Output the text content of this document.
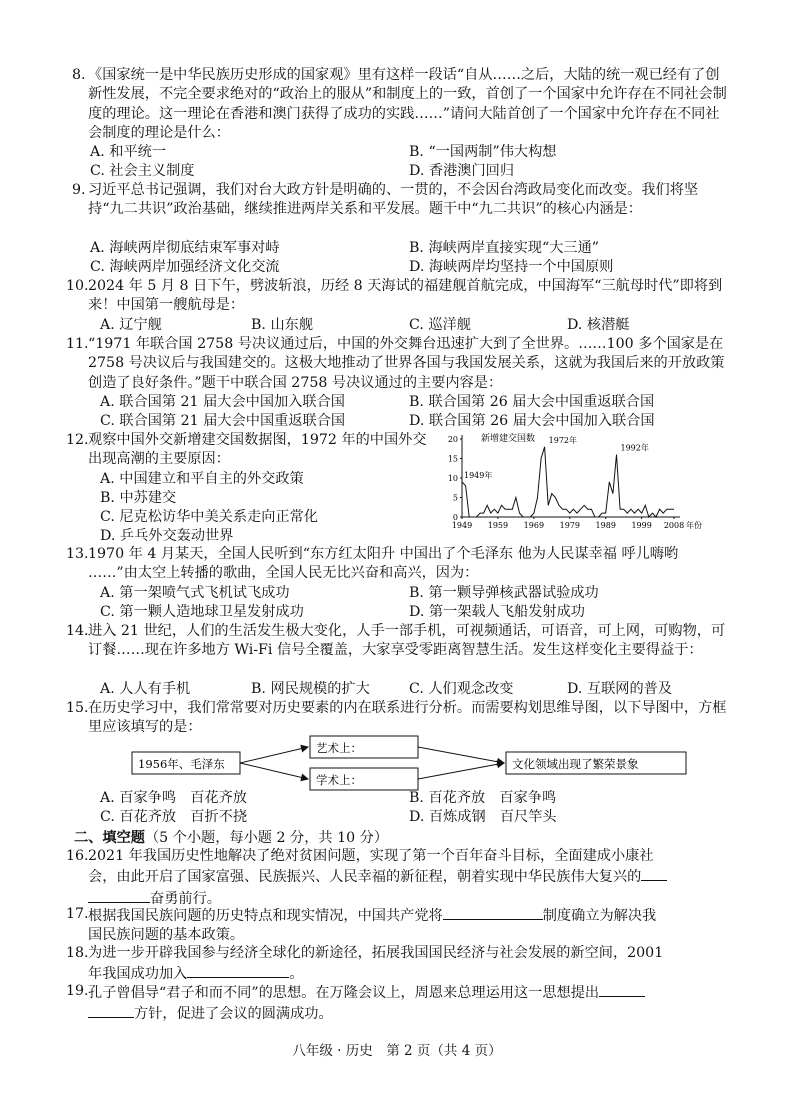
8. 《国家统一是中华民族历史形成的国家观》里有这样一段话“自从……之后，大陆的统一观已经有了创新性发展，不完全要求绝对的“政治上的服从”和制度上的一致，首创了一个国家中允许存在不同社会制度的理论。这一理论在香港和澳门获得了成功的实践……”请问大陆首创了一个国家中允许存在不同社会制度的理论是什么：
A. 和平统一	B. “一国两制”伟大构想
C. 社会主义制度	D. 香港澳门回归
9. 习近平总书记强调，我们对台大政方针是明确的、一贯的，不会因台湾政局变化而改变。我们将坚持“九二共识”政治基础，继续推进两岸关系和平发展。题干中“九二共识”的核心内涵是：
A. 海峡两岸彻底结束军事对峙	B. 海峡两岸直接实现“大三通”
C. 海峡两岸加强经济文化交流	D. 海峡两岸均坚持一个中国原则
10. 2024 年 5 月 8 日下午，劈波斩浪，历经 8 天海试的福建舰首航完成，中国海军“三航母时代”即将到来！中国第一艘航母是：
A. 辽宁舰	B. 山东舰	C. 巡洋舰	D. 核潜艇
11. “1971 年联合国 2758 号决议通过后，中国的外交舞台迅速扩大到了全世界。……100 多个国家是在 2758 号决议后与我国建交的。这极大地推动了世界各国与我国发展关系，这就为我国后来的开放政策创造了良好条件。”题干中联合国 2758 号决议通过的主要内容是：
A. 联合国第 21 届大会中国加入联合国	B. 联合国第 26 届大会中国重返联合国
C. 联合国第 21 届大会中国重返联合国	D. 联合国第 26 届大会中国加入联合国
12. 观察中国外交新增建交国数据图，1972 年的中国外交出现高潮的主要原因：
A. 中国建立和平自主的外交政策
B. 中苏建交
C. 尼克松访华中美关系走向正常化
D. 乒乓外交轰动世界
0
5
10
15
20
1949 1959 1969 1979 1989 1999 2008 年份
1949年
1972年
1992年
新增建交国数
13. 1970 年 4 月某天，全国人民听到“东方红太阳升 中国出了个毛泽东 他为人民谋幸福 呼儿嗨哟 ……”由太空上转播的歌曲，全国人民无比兴奋和高兴，因为：
A. 第一架喷气式飞机试飞成功	B. 第一颗导弹核武器试验成功
C. 第一颗人造地球卫星发射成功	D. 第一架载人飞船发射成功
14. 进入 21 世纪，人们的生活发生极大变化，人手一部手机，可视频通话，可语音，可上网，可购物，可订餐……现在许多地方 Wi-Fi 信号全覆盖，大家享受零距离智慧生活。发生这样变化主要得益于：
A. 人人有手机	B. 网民规模的扩大	C. 人们观念改变	D. 互联网的普及
15. 在历史学习中，我们常常要对历史要素的内在联系进行分析。而需要构划思维导图，以下导图中，方框里应该填写的是：
1956年、毛泽东
艺术上：
学术上：
文化领域出现了繁荣景象
A. 百家争鸣　百花齐放	B. 百花齐放　百家争鸣
C. 百花齐放　百折不挠	D. 百炼成钢　百尺竿头
二、填空题（5 个小题，每小题 2 分，共 10 分）
16. 2021 年我国历史性地解决了绝对贫困问题，实现了第一个百年奋斗目标，全面建成小康社
会，由此开启了国家富强、民族振兴、人民幸福的新征程，朝着实现中华民族伟大复兴的
奋勇前行。
17. 根据我国民族问题的历史特点和现实情况，中国共产党将	制度确立为解决我
国民族问题的基本政策。
18. 为进一步开辟我国参与经济全球化的新途径，拓展我国国民经济与社会发展的新空间，2001
年我国成功加入	。
19. 孔子曾倡导“君子和而不同”的思想。在万隆会议上，周恩来总理运用这一思想提出
方针，促进了会议的圆满成功。
八年级 · 历史　第 2 页（共 4 页）
